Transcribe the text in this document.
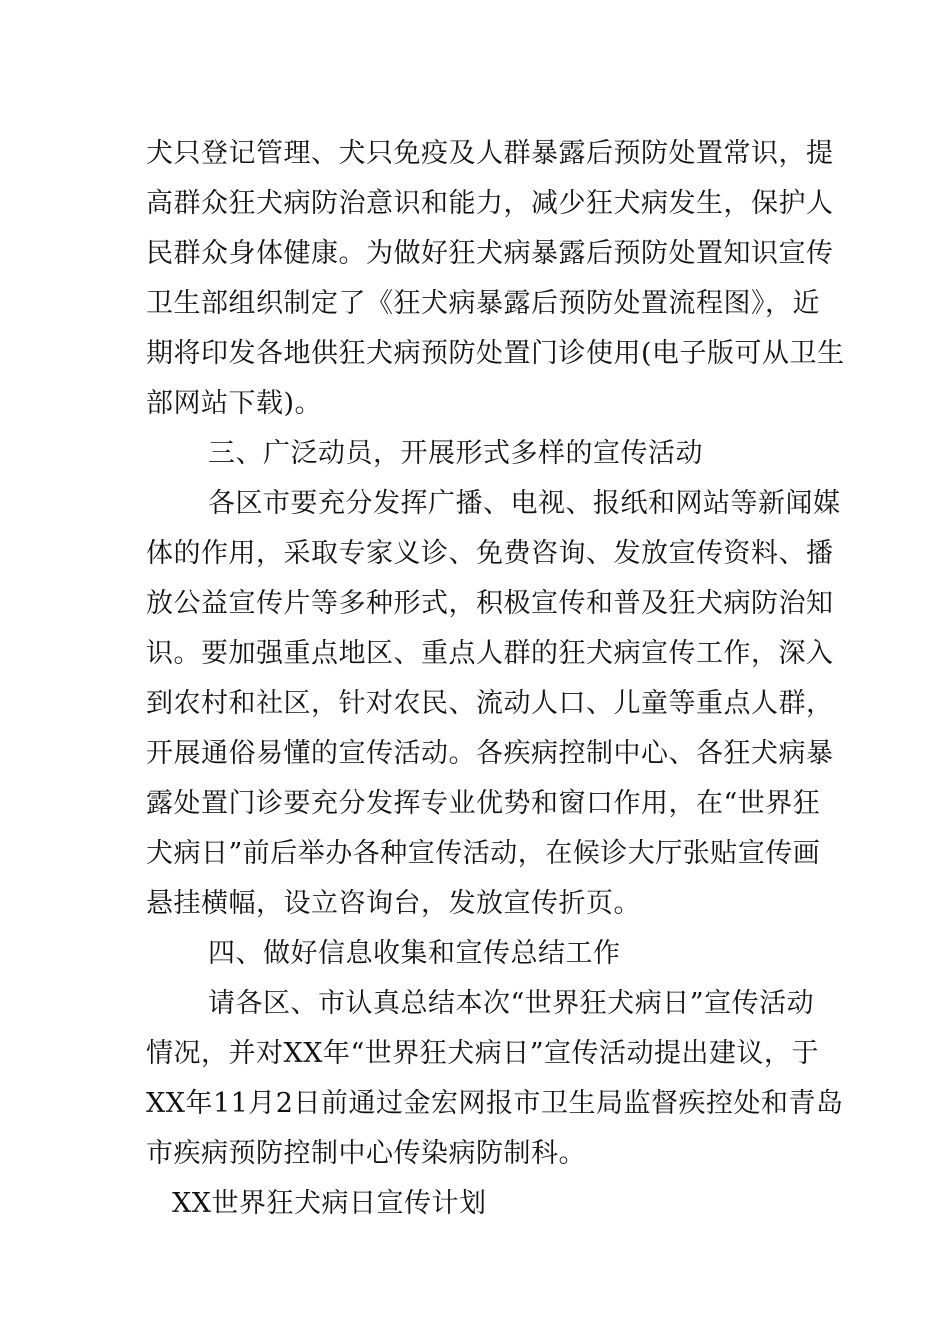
犬只登记管理、犬只免疫及人群暴露后预防处置常识，提
高群众狂犬病防治意识和能力，减少狂犬病发生，保护人
民群众身体健康。为做好狂犬病暴露后预防处置知识宣传
卫生部组织制定了《狂犬病暴露后预防处置流程图》，近
期将印发各地供狂犬病预防处置门诊使用(电子版可从卫生
部网站下载)。
三、广泛动员，开展形式多样的宣传活动
各区市要充分发挥广播、电视、报纸和网站等新闻媒
体的作用，采取专家义诊、免费咨询、发放宣传资料、播
放公益宣传片等多种形式，积极宣传和普及狂犬病防治知
识。要加强重点地区、重点人群的狂犬病宣传工作，深入
到农村和社区，针对农民、流动人口、儿童等重点人群，
开展通俗易懂的宣传活动。各疾病控制中心、各狂犬病暴
露处置门诊要充分发挥专业优势和窗口作用，在“世界狂
犬病日”前后举办各种宣传活动，在候诊大厅张贴宣传画
悬挂横幅，设立咨询台，发放宣传折页。
四、做好信息收集和宣传总结工作
请各区、市认真总结本次“世界狂犬病日”宣传活动
情况，并对XX年“世界狂犬病日”宣传活动提出建议，于
XX年11月2日前通过金宏网报市卫生局监督疾控处和青岛
市疾病预防控制中心传染病防制科。
XX世界狂犬病日宣传计划
